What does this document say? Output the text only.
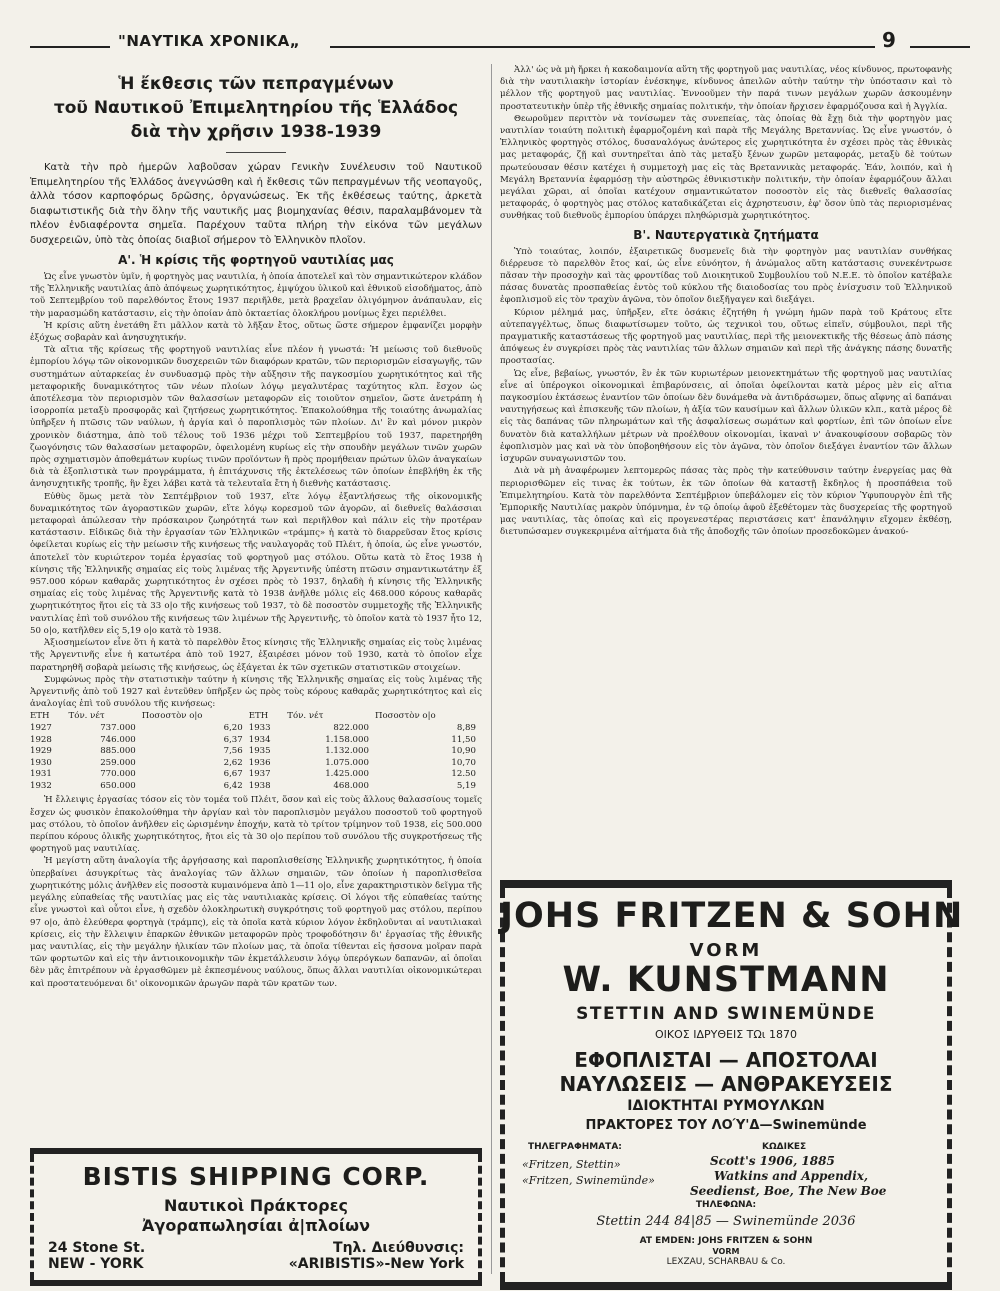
"ΝΑΥΤΙΚΑ ΧΡΟΝΙΚΑ„	9
Ἡ ἔκθεσις τῶν πεπραγμένων
τοῦ Ναυτικοῦ Ἐπιμελητηρίου τῆς Ἑλλάδος
διὰ τὴν χρῆσιν 1938-1939

Κατὰ τὴν πρὸ ἡμερῶν λαβοῦσαν χώραν Γενικὴν Συνέλευσιν τοῦ Ναυτικοῦ Ἐπιμελητηρίου τῆς Ἑλλάδος ἀνεγνώσθη καὶ ἡ ἔκθεσις τῶν πεπραγμένων τῆς νεοπαγοῦς, ἀλλὰ τόσον καρποφόρως δρῶσης, ὀργανώσεως. Ἐκ τῆς ἐκθέσεως ταύτης, ἀρκετὰ διαφωτιστικῆς διὰ τὴν ὅλην τῆς ναυτικῆς μας βιομηχανίας θέσιν, παραλαμβάνομεν τὰ πλέον ἐνδιαφέροντα σημεῖα. Παρέχουν ταῦτα πλήρη τὴν εἰκόνα τῶν μεγάλων δυσχερειῶν, ὑπὸ τὰς ὁποίας διαβιοῖ σήμερον τὸ Ἑλληνικὸν πλοῖον.

Α'. Ἡ κρίσις τῆς φορτηγοῦ ναυτιλίας μας

Ὡς εἶνε γνωστὸν ὑμῖν, ἡ φορτηγὸς μας ναυτιλία, ἡ ὁποία ἀποτελεῖ καὶ τὸν σημαντικώτερον κλάδον τῆς Ἑλληνικῆς ναυτιλίας ἀπὸ ἀπόψεως χωρητικότητος, ἐμψύχου ὑλικοῦ καὶ ἐθνικοῦ εἰσοδήματος, ἀπὸ τοῦ Σεπτεμβρίου τοῦ παρελθόντος ἔτους 1937 περιῆλθε, μετὰ βραχεῖαν ὀλιγόμηνον ἀνάπαυλαν, εἰς τὴν μαρασμώδη κατάστασιν, εἰς τὴν ὁποίαν ἀπὸ ὀκταετίας ὁλοκλήρου μονίμως ἔχει περιέλθει.

Ἡ κρίσις αὕτη ἐνετάθη ἔτι μᾶλλον κατὰ τὸ λῆξαν ἔτος, οὕτως ὥστε σήμερον ἐμφανίζει μορφὴν ἐξόχως σοβαρὰν καὶ ἀνησυχητικήν.

Τὰ αἴτια τῆς κρίσεως τῆς φορτηγοῦ ναυτιλίας εἶνε πλέον ἡ γνωστά: Ἡ μείωσις τοῦ διεθνοῦς ἐμπορίου λόγῳ τῶν οἰκονομικῶν δυσχερειῶν τῶν διαφόρων κρατῶν, τῶν περιορισμῶν εἰσαγωγῆς, τῶν συστημάτων αὐταρκείας ἐν συνδυασμῷ πρὸς τὴν αὔξησιν τῆς παγκοσμίου χωρητικότητος καὶ τῆς μεταφορικῆς δυναμικότητος τῶν νέων πλοίων λόγῳ μεγαλυτέρας ταχύτητος κλπ. ἔσχον ὡς ἀποτέλεσμα τὸν περιορισμὸν τῶν θαλασσίων μεταφορῶν εἰς τοιοῦτον σημεῖον, ὥστε ἀνετράπη ἡ ἰσορροπία μεταξὺ προσφορᾶς καὶ ζητήσεως χωρητικότητος. Ἐπακολούθημα τῆς τοιαύτης ἀνωμαλίας ὑπῆρξεν ἡ πτῶσις τῶν ναύλων, ἡ ἀργία καὶ ὁ παροπλισμὸς τῶν πλοίων. Δι' ἓν καὶ μόνον μικρὸν χρονικὸν διάστημα, ἀπὸ τοῦ τέλους τοῦ 1936 μέχρι τοῦ Σεπτεμβρίου τοῦ 1937, παρετηρήθη ζωογόνησις τῶν θαλασσίων μεταφορῶν, ὀφειλομένη κυρίως εἰς τὴν σπουδὴν μεγάλων τινῶν χωρῶν πρὸς σχηματισμὸν ἀποθεμάτων κυρίως τινῶν προϊόντων ἢ πρὸς προμήθειαν πρώτων ὑλῶν ἀναγκαίων διὰ τὰ ἐξοπλιστικὰ των προγράμματα, ἡ ἐπιτάχυνσις τῆς ἐκτελέσεως τῶν ὁποίων ἐπεβλήθη ἐκ τῆς ἀνησυχητικῆς τροπῆς, ἣν ἔχει λάβει κατὰ τὰ τελευταῖα ἔτη ἡ διεθνὴς κατάστασις.

Εὐθὺς ὅμως μετὰ τὸν Σεπτέμβριον τοῦ 1937, εἴτε λόγῳ ἐξαντλήσεως τῆς οἰκονομικῆς δυναμικότητος τῶν ἀγοραστικῶν χωρῶν, εἴτε λόγῳ κορεσμοῦ τῶν ἀγορῶν, αἱ διεθνεῖς θαλάσσιαι μεταφοραὶ ἀπώλεσαν τὴν πρόσκαιρον ζωηρότητά των καὶ περιῆλθον καὶ πάλιν εἰς τὴν προτέραν κατάστασιν. Εἰδικῶς διὰ τὴν ἐργασίαν τῶν Ἑλληνικῶν «τράμπς» ἡ κατὰ τὸ διαρρεῦσαν ἔτος κρίσις ὀφείλεται κυρίως εἰς τὴν μείωσιν τῆς κινήσεως τῆς ναυλαγορᾶς τοῦ Πλέιτ, ἡ ὁποία, ὡς εἶνε γνωστόν, ἀποτελεῖ τὸν κυριώτερον τομέα ἐργασίας τοῦ φορτηγοῦ μας στόλου. Οὕτω κατὰ τὸ ἔτος 1938 ἡ κίνησις τῆς Ἑλληνικῆς σημαίας εἰς τοὺς λιμένας τῆς Ἀργεντινῆς ὑπέστη πτῶσιν σημαντικωτάτην ἐξ 957.000 κόρων καθαρᾶς χωρητικότητος ἐν σχέσει πρὸς τὸ 1937, δηλαδὴ ἡ κίνησις τῆς Ἑλληνικῆς σημαίας εἰς τοὺς λιμένας τῆς Ἀργεντινῆς κατὰ τὸ 1938 ἀνῆλθε μόλις εἰς 468.000 κόρους καθαρᾶς χωρητικότητος ἤτοι εἰς τὰ 33 ο|ο τῆς κινήσεως τοῦ 1937, τὸ δὲ ποσοστὸν συμμετοχῆς τῆς Ἑλληνικῆς ναυτιλίας ἐπὶ τοῦ συνόλου τῆς κινήσεως τῶν λιμένων τῆς Ἀργεντινῆς, τὸ ὁποῖον κατὰ τὸ 1937 ἦτο 12, 50 ο|ο, κατῆλθεν εἰς 5,19 ο|ο κατὰ τὸ 1938.

Ἀξιοσημείωτον εἶνε ὅτι ἡ κατὰ τὸ παρελθὸν ἔτος κίνησις τῆς Ἑλληνικῆς σημαίας εἰς τοὺς λιμένας τῆς Ἀργεντινῆς εἶνε ἡ κατωτέρα ἀπὸ τοῦ 1927, ἐξαιρέσει μόνον τοῦ 1930, κατὰ τὸ ὁποῖον εἶχε παρατηρηθῆ σοβαρὰ μείωσις τῆς κινήσεως, ὡς ἐξάγεται ἐκ τῶν σχετικῶν στατιστικῶν στοιχείων.

Συμφώνως πρὸς τὴν στατιστικὴν ταύτην ἡ κίνησις τῆς Ἑλληνικῆς σημαίας εἰς τοὺς λιμένας τῆς Ἀργεντινῆς ἀπὸ τοῦ 1927 καὶ ἐντεῦθεν ὑπῆρξεν ὡς πρὸς τοὺς κόρους καθαρᾶς χωρητικότητος καὶ εἰς ἀναλογίας ἐπὶ τοῦ συνόλου τῆς κινήσεως:

ΕΤΗ	Τόν. νέτ	Ποσοστὸν ο|ο	ΕΤΗ	Τόν. νέτ	Ποσοστὸν ο|ο
1927	737.000	6,20	1933	822.000	8,89
1928	746.000	6,37	1934	1.158.000	11,50
1929	885.000	7,56	1935	1.132.000	10,90
1930	259.000	2,62	1936	1.075.000	10,70
1931	770.000	6,67	1937	1.425.000	12.50
1932	650.000	6,42	1938	468.000	5,19

Ἡ ἔλλειψις ἐργασίας τόσον εἰς τὸν τομέα τοῦ Πλέιτ, ὅσον καὶ εἰς τοὺς ἄλλους θαλασσίους τομεῖς ἔσχεν ὡς φυσικὸν ἐπακολούθημα τὴν ἀργίαν καὶ τὸν παροπλισμὸν μεγάλου ποσοστοῦ τοῦ φορτηγοῦ μας στόλου, τὸ ὁποῖον ἀνῆλθεν εἰς ὡρισμένην ἐποχήν, κατὰ τὸ τρίτον τρίμηνον τοῦ 1938, εἰς 500.000 περίπου κόρους ὁλικῆς χωρητικότητος, ἤτοι εἰς τὰ 30 ο|ο περίπου τοῦ συνόλου τῆς συγκροτήσεως τῆς φορτηγοῦ μας ναυτιλίας.

Ἡ μεγίστη αὕτη ἀναλογία τῆς ἀργήσασης καὶ παροπλισθείσης Ἑλληνικῆς χωρητικότητος, ἡ ὁποία ὑπερβαίνει ἀσυγκρίτως τὰς ἀναλογίας τῶν ἄλλων σημαιῶν, τῶν ὁποίων ἡ παροπλισθεῖσα χωρητικότης μόλις ἀνῆλθεν εἰς ποσοστὰ κυμαινόμενα ἀπὸ 1—11 ο|ο, εἶνε χαρακτηριστικὸν δεῖγμα τῆς μεγάλης εὐπαθείας τῆς ναυτιλίας μας εἰς τὰς ναυτιλιακὰς κρίσεις. Οἱ λόγοι τῆς εὐπαθείας ταύτης εἶνε γνωστοὶ καὶ οὗτοι εἶνε, ἡ σχεδὸν ὁλοκληρωτικὴ συγκρότησις τοῦ φορτηγοῦ μας στόλου, περίπου 97 ο|ο, ἀπὸ ἐλεύθερα φορτηγὰ (τράμπς), εἰς τὰ ὁποῖα κατὰ κύριον λόγον ἐκδηλοῦνται αἱ ναυτιλιακαὶ κρίσεις, εἰς τὴν ἔλλειψιν ἐπαρκῶν ἐθνικῶν μεταφορῶν πρὸς τροφοδότησιν δι' ἐργασίας τῆς ἐθνικῆς μας ναυτιλίας, εἰς τὴν μεγάλην ἡλικίαν τῶν πλοίων μας, τὰ ὁποῖα τίθενται εἰς ἡσσονα μοῖραν παρὰ τῶν φορτωτῶν καὶ εἰς τὴν ἀντιοικονομικὴν τῶν ἐκμετάλλευσιν λόγῳ ὑπερόγκων δαπανῶν, αἱ ὁποῖαι δὲν μᾶς ἐπιτρέπουν νὰ ἐργασθῶμεν μὲ ἐκπεσμένους ναύλους, ὅπως ἄλλαι ναυτιλίαι οἰκονομικώτεραι καὶ προστατευόμεναι δι' οἰκονομικῶν ἀρωγῶν παρὰ τῶν κρατῶν των.

Ἀλλ' ὡς νὰ μὴ ἤρκει ἡ κακοδαιμονία αὕτη τῆς φορτηγοῦ μας ναυτιλίας, νέος κίνδυνος, πρωτοφανὴς διὰ τὴν ναυτιλιακὴν ἱστορίαν ἐνέσκηψε, κίνδυνος ἀπειλῶν αὐτὴν ταύτην τὴν ὑπόστασιν καὶ τὸ μέλλον τῆς φορτηγοῦ μας ναυτιλίας. Ἐννοοῦμεν τὴν παρά τινων μεγάλων χωρῶν ἀσκουμένην προστατευτικὴν ὑπὲρ τῆς ἐθνικῆς σημαίας πολιτικήν, τὴν ὁποίαν ἤρχισεν ἐφαρμόζουσα καὶ ἡ Ἀγγλία.

Θεωροῦμεν περιττὸν νὰ τονίσωμεν τὰς συνεπείας, τὰς ὁποίας θὰ ἔχῃ διὰ τὴν φορτηγὸν μας ναυτιλίαν τοιαύτη πολιτικὴ ἐφαρμοζομένη καὶ παρὰ τῆς Μεγάλης Βρεταννίας. Ὡς εἶνε γνωστόν, ὁ Ἑλληνικὸς φορτηγὸς στόλος, δυσαναλόγως ἀνώτερος εἰς χωρητικότητα ἐν σχέσει πρὸς τὰς ἐθνικὰς μας μεταφοράς, ζῇ καὶ συντηρεῖται ἀπὸ τὰς μεταξὺ ξένων χωρῶν μεταφοράς, μεταξὺ δὲ τούτων πρωτεύουσαν θέσιν κατέχει ἡ συμμετοχὴ μας εἰς τὰς Βρεταννικὰς μεταφοράς. Ἐάν, λοιπόν, καὶ ἡ Μεγάλη Βρεταννία ἐφαρμόσῃ τὴν αὐστηρῶς ἐθνικιστικὴν πολιτικήν, τὴν ὁποίαν ἐφαρμόζουν ἄλλαι μεγάλαι χῶραι, αἱ ὁποῖαι κατέχουν σημαντικώτατον ποσοστὸν εἰς τὰς διεθνεῖς θαλασσίας μεταφοράς, ὁ φορτηγὸς μας στόλος καταδικάζεται εἰς ἀχρηστευσιν, ἐφ' ὅσον ὑπὸ τὰς περιορισμένας συνθήκας τοῦ διεθνοῦς ἐμπορίου ὑπάρχει πληθώρισμὰ χωρητικότητος.

Β'. Ναυτεργατικὰ ζητήματα

Ὑπὸ τοιαύτας, λοιπόν, ἐξαιρετικῶς δυσμενεῖς διὰ τὴν φορτηγὸν μας ναυτιλίαν συνθήκας διέρρευσε τὸ παρελθὸν ἔτος καί, ὡς εἶνε εὐνόητον, ἡ ἀνώμαλος αὕτη κατάστασις συνεκέντρωσε πᾶσαν τὴν προσοχὴν καὶ τὰς φροντίδας τοῦ Διοικητικοῦ Συμβουλίου τοῦ Ν.Ε.Ε. τὸ ὁποῖον κατέβαλε πάσας δυνατὰς προσπαθείας ἐντὸς τοῦ κύκλου τῆς διαιοδοσίας του πρὸς ἐνίσχυσιν τοῦ Ἑλληνικοῦ ἐφοπλισμοῦ εἰς τὸν τραχὺν ἀγῶνα, τὸν ὁποῖον διεξῆγαγεν καὶ διεξάγει.

Κύριον μέλημά μας, ὑπῆρξεν, εἴτε ὁσάκις ἐζητήθη ἡ γνώμη ἡμῶν παρὰ τοῦ Κράτους εἴτε αὐτεπαγγέλτως, ὅπως διαφωτίσωμεν τοῦτο, ὡς τεχνικοὶ του, οὕτως εἰπεῖν, σύμβουλοι, περὶ τῆς πραγματικῆς καταστάσεως τῆς φορτηγοῦ μας ναυτιλίας, περὶ τῆς μειονεκτικῆς τῆς θέσεως ἀπὸ πάσης ἀπόψεως ἐν συγκρίσει πρὸς τὰς ναυτιλίας τῶν ἄλλων σημαιῶν καὶ περὶ τῆς ἀνάγκης πάσης δυνατῆς προστασίας.

Ὡς εἶνε, βεβαίως, γνωστόν, ἓν ἐκ τῶν κυριωτέρων μειονεκτημάτων τῆς φορτηγοῦ μας ναυτιλίας εἶνε αἱ ὑπέρογκοι οἰκονομικαὶ ἐπιβαρύνσεις, αἱ ὁποῖαι ὀφείλονται κατὰ μέρος μὲν εἰς αἴτια παγκοσμίου ἐκτάσεως ἐναντίον τῶν ὁποίων δὲν δυνάμεθα νὰ ἀντιδράσωμεν, ὅπως αἴφνης αἱ δαπάναι ναυτηγήσεως καὶ ἐπισκευῆς τῶν πλοίων, ἡ ἀξία τῶν καυσίμων καὶ ἄλλων ὑλικῶν κλπ., κατὰ μέρος δὲ εἰς τὰς δαπάνας τῶν πληρωμάτων καὶ τῆς ἀσφαλίσεως σωμάτων καὶ φορτίων, ἐπὶ τῶν ὁποίων εἶνε δυνατὸν διὰ καταλλήλων μέτρων νὰ προέλθουν οἰκονομίαι, ἱκαναὶ ν' ἀνακουφίσουν σοβαρῶς τὸν ἐφοπλισμὸν μας καὶ νὰ τὸν ὑποβοηθήσουν εἰς τὸν ἀγῶνα, τὸν ὁποῖον διεξάγει ἐναντίον τῶν ἄλλων ἰσχυρῶν συναγωνιστῶν του.

Διὰ νὰ μὴ ἀναφέρωμεν λεπτομερῶς πάσας τὰς πρὸς τὴν κατεύθυνσιν ταύτην ἐνεργείας μας θὰ περιορισθῶμεν εἰς τινας ἐκ τούτων, ἐκ τῶν ὁποίων θὰ καταστῇ ἔκδηλος ἡ προσπάθεια τοῦ Ἐπιμελητηρίου. Κατὰ τὸν παρελθόντα Σεπτέμβριον ὑπεβάλομεν εἰς τὸν κύριον Ὑφυπουργὸν ἐπὶ τῆς Ἐμπορικῆς Ναυτιλίας μακρὸν ὑπόμνημα, ἐν τῷ ὁποίῳ ἀφοῦ ἐξεθέτομεν τὰς δυσχερείας τῆς φορτηγοῦ μας ναυτιλίας, τὰς ὁποίας καὶ εἰς προγενεστέρας περιστάσεις κατ' ἐπανάληψιν εἴχομεν ἐκθέσῃ, διετυπώσαμεν συγκεκριμένα αἰτήματα διὰ τῆς ἀποδοχῆς τῶν ὁποίων προσεδοκῶμεν ἀνακού-

BISTIS SHIPPING CORP.
Ναυτικοὶ Πράκτορες
Ἀγοραπωλησίαι ἀ|πλοίων
24 Stone St.
NEW - YORK
Τηλ. Διεύθυνσις:
«ARIBISTIS»-New York
JOHS FRITZEN & SOHN
VORM
W. KUNSTMANN
STETTIN AND SWINEMÜNDE
ΟΙΚΟΣ ΙΔΡΥΘΕΙΣ ΤΩι 1870
ΕΦΟΠΛΙΣΤΑΙ — ΑΠΟΣΤΟΛΑΙ
ΝΑΥΛΩΣΕΙΣ — ΑΝΘΡΑΚΕΥΣΕΙΣ
ΙΔΙΟΚΤΗΤΑΙ ΡΥΜΟΥΛΚΩΝ
ΠΡΑΚΤΟΡΕΣ ΤΟΥ ΛΟΎ'Δ—Swinemünde
ΤΗΛΕΓΡΑΦΗΜΑΤΑ:	ΚΩΔΙΚΕΣ
«Fritzen, Stettin»
«Fritzen, Swinemünde»
Scott's 1906, 1885
Watkins and Appendix,
Seedienst, Boe, The New Boe
ΤΗΛΕΦΩΝΑ:
Stettin 244 84|85 — Swinemünde 2036
AT EMDEN: JOHS FRITZEN & SOHN
VORM
LEXZAU, SCHARBAU & Co.
